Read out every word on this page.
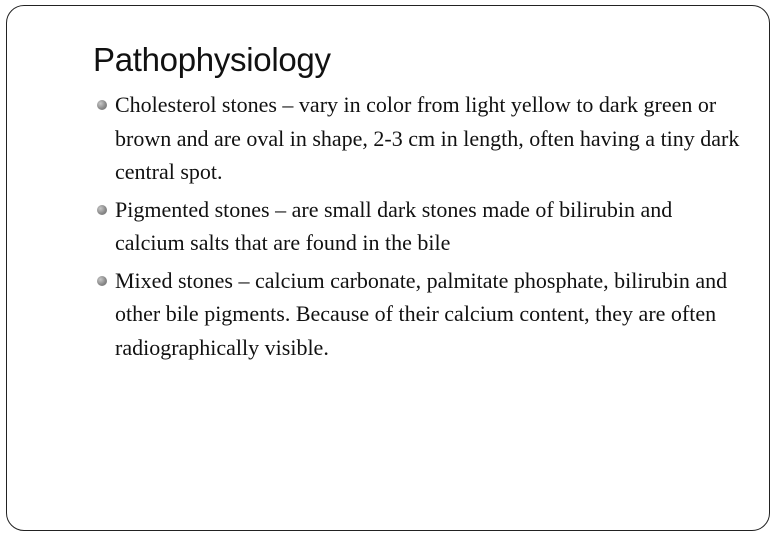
Pathophysiology
Cholesterol stones – vary in color from light yellow to dark green or brown and are oval in shape, 2-3 cm in length, often having a tiny dark central spot.
Pigmented stones – are small dark stones made of bilirubin and calcium salts that are found in the bile
Mixed stones – calcium carbonate, palmitate phosphate, bilirubin and other bile pigments. Because of their calcium content, they are often radiographically visible.
